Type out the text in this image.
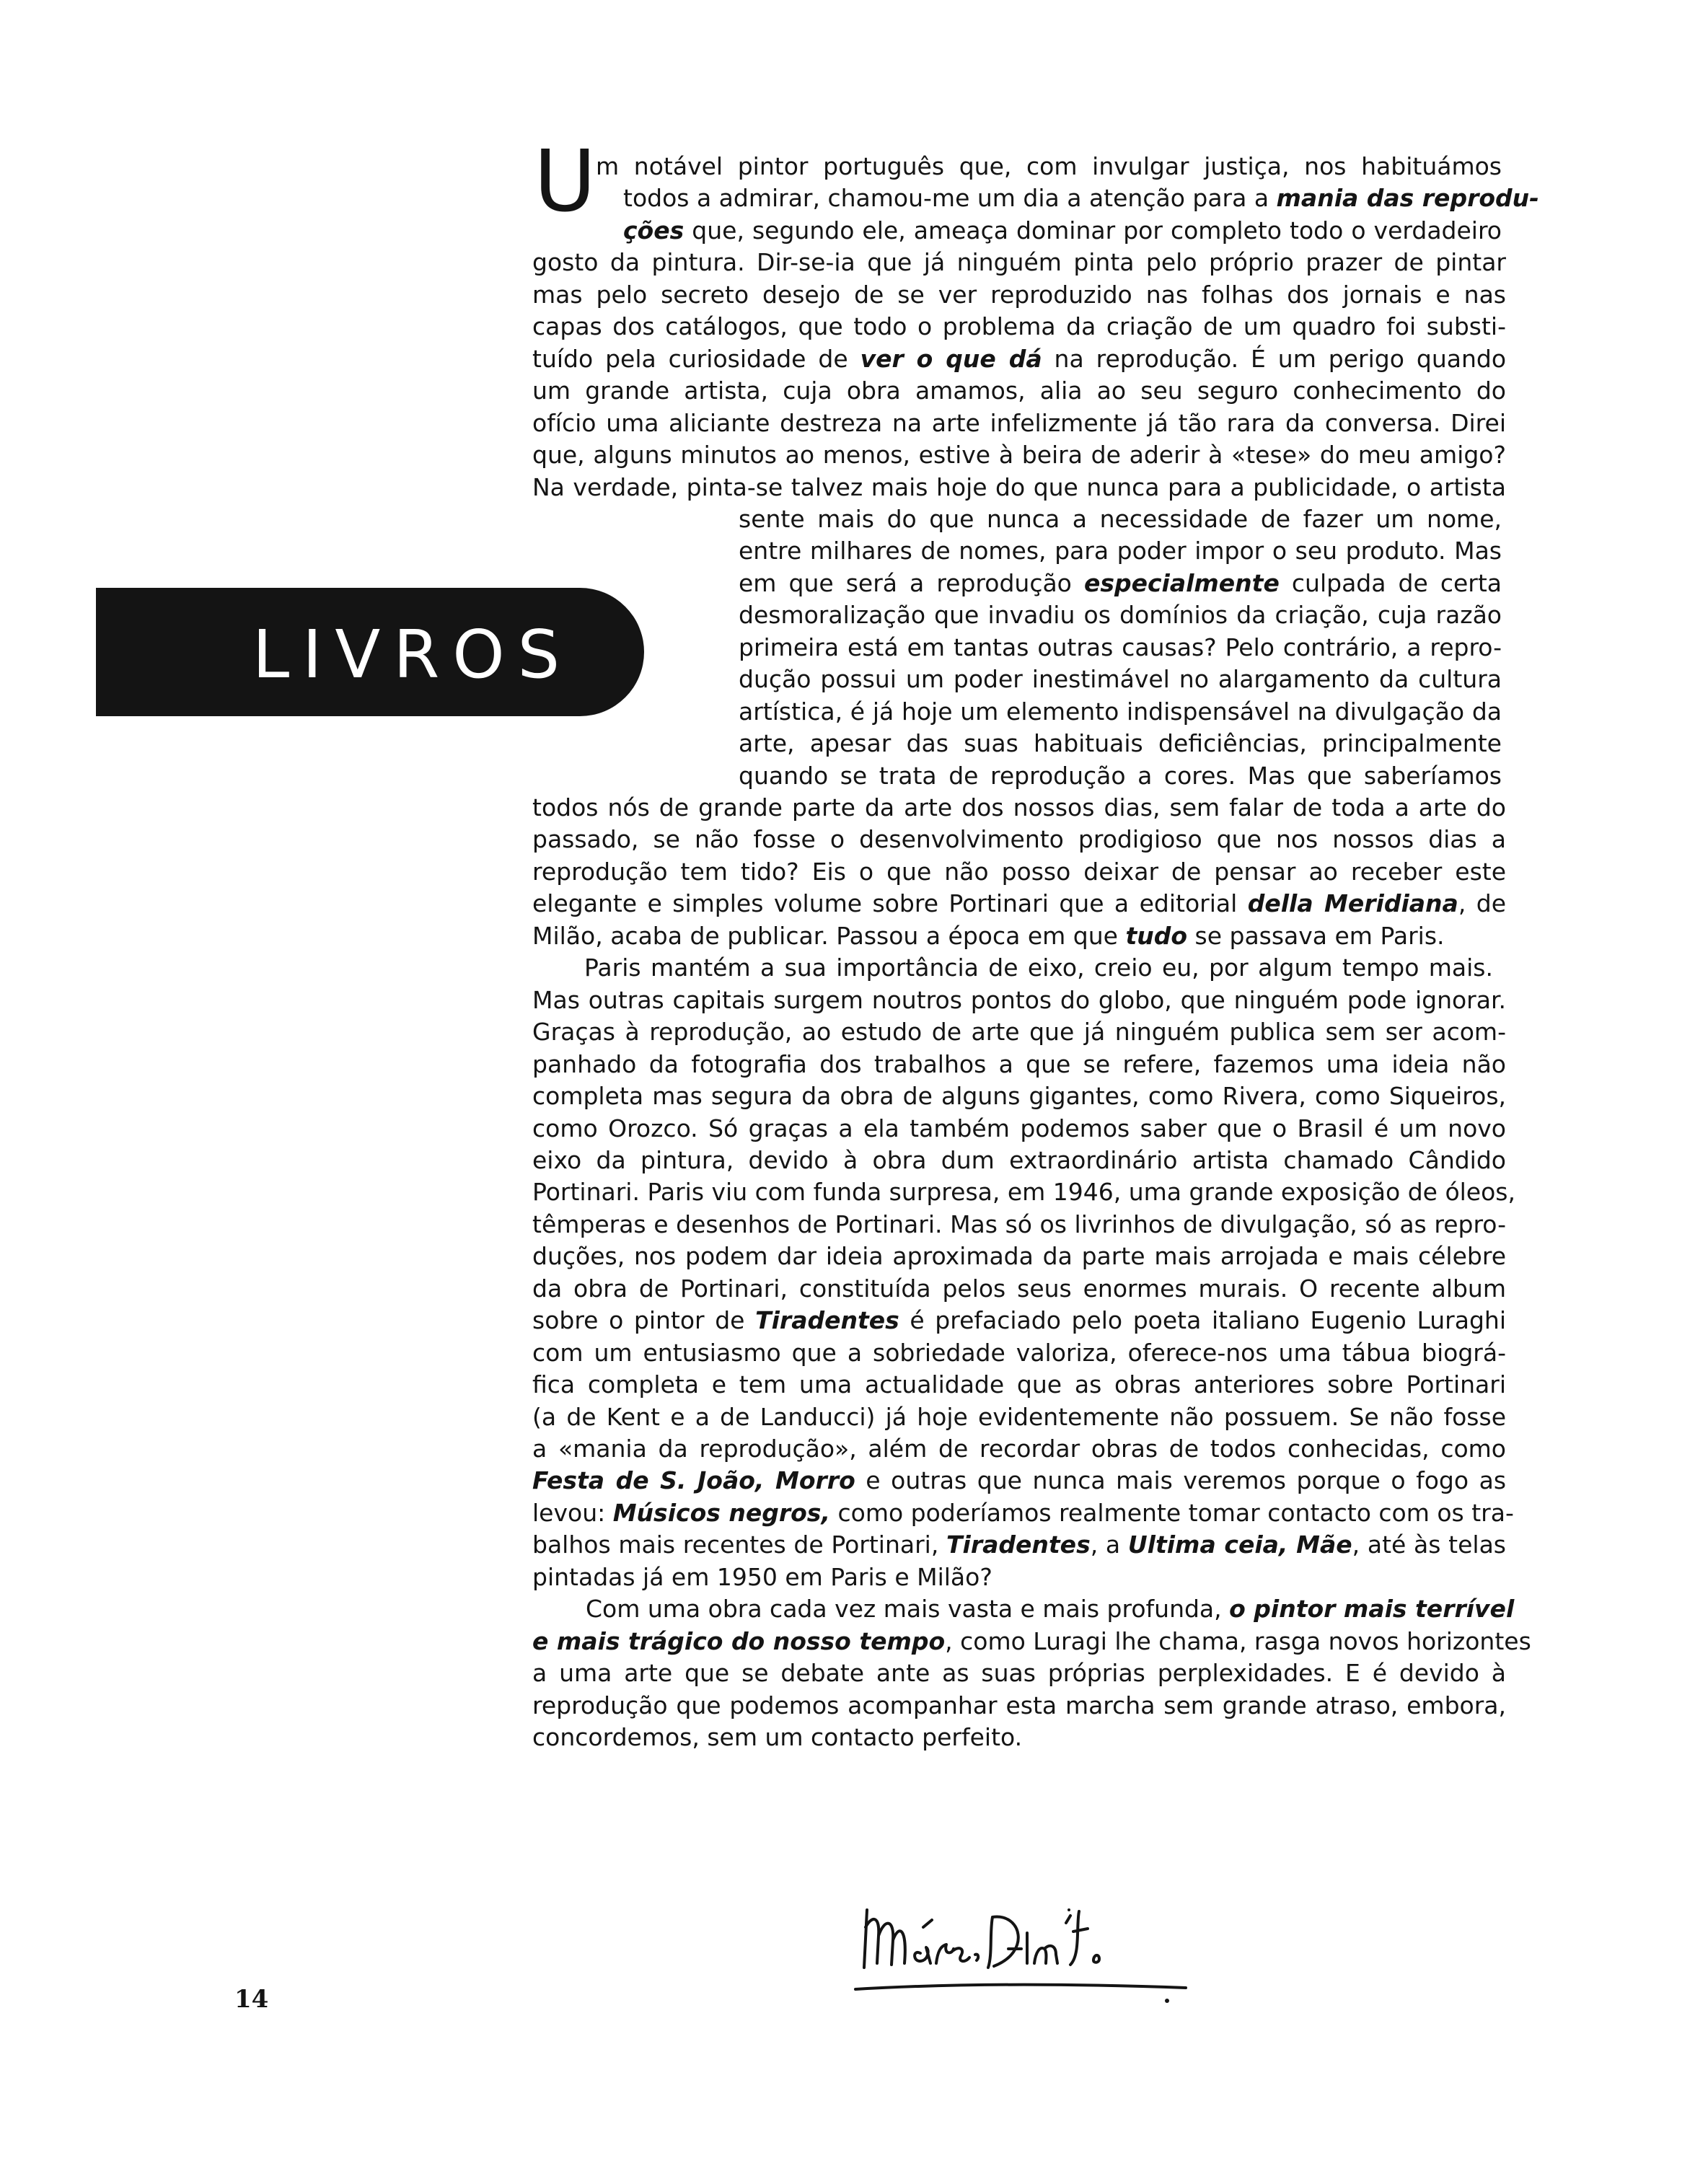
LIVROS
U m notável pintor português que, com invulgar justiça, nos habituámos
todos a admirar, chamou-me um dia a atenção para a mania das reprodu-
ções que, segundo ele, ameaça dominar por completo todo o verdadeiro
gosto da pintura. Dir-se-ia que já ninguém pinta pelo próprio prazer de pintar
mas pelo secreto desejo de se ver reproduzido nas folhas dos jornais e nas
capas dos catálogos, que todo o problema da criação de um quadro foi substi-
tuído pela curiosidade de ver o que dá na reprodução. É um perigo quando
um grande artista, cuja obra amamos, alia ao seu seguro conhecimento do
ofício uma aliciante destreza na arte infelizmente já tão rara da conversa. Direi
que, alguns minutos ao menos, estive à beira de aderir à «tese» do meu amigo?
Na verdade, pinta-se talvez mais hoje do que nunca para a publicidade, o artista
sente mais do que nunca a necessidade de fazer um nome,
entre milhares de nomes, para poder impor o seu produto. Mas
em que será a reprodução especialmente culpada de certa
desmoralização que invadiu os domínios da criação, cuja razão
primeira está em tantas outras causas? Pelo contrário, a repro-
dução possui um poder inestimável no alargamento da cultura
artística, é já hoje um elemento indispensável na divulgação da
arte, apesar das suas habituais deficiências, principalmente
quando se trata de reprodução a cores. Mas que saberíamos
todos nós de grande parte da arte dos nossos dias, sem falar de toda a arte do
passado, se não fosse o desenvolvimento prodigioso que nos nossos dias a
reprodução tem tido? Eis o que não posso deixar de pensar ao receber este
elegante e simples volume sobre Portinari que a editorial della Meridiana, de
Milão, acaba de publicar. Passou a época em que tudo se passava em Paris.
Paris mantém a sua importância de eixo, creio eu, por algum tempo mais.
Mas outras capitais surgem noutros pontos do globo, que ninguém pode ignorar.
Graças à reprodução, ao estudo de arte que já ninguém publica sem ser acom-
panhado da fotografia dos trabalhos a que se refere, fazemos uma ideia não
completa mas segura da obra de alguns gigantes, como Rivera, como Siqueiros,
como Orozco. Só graças a ela também podemos saber que o Brasil é um novo
eixo da pintura, devido à obra dum extraordinário artista chamado Cândido
Portinari. Paris viu com funda surpresa, em 1946, uma grande exposição de óleos,
têmperas e desenhos de Portinari. Mas só os livrinhos de divulgação, só as repro-
duções, nos podem dar ideia aproximada da parte mais arrojada e mais célebre
da obra de Portinari, constituída pelos seus enormes murais. O recente album
sobre o pintor de Tiradentes é prefaciado pelo poeta italiano Eugenio Luraghi
com um entusiasmo que a sobriedade valoriza, oferece-nos uma tábua biográ-
fica completa e tem uma actualidade que as obras anteriores sobre Portinari
(a de Kent e a de Landucci) já hoje evidentemente não possuem. Se não fosse
a «mania da reprodução», além de recordar obras de todos conhecidas, como
Festa de S. João, Morro e outras que nunca mais veremos porque o fogo as
levou: Músicos negros, como poderíamos realmente tomar contacto com os tra-
balhos mais recentes de Portinari, Tiradentes, a Ultima ceia, Mãe, até às telas
pintadas já em 1950 em Paris e Milão?
Com uma obra cada vez mais vasta e mais profunda, o pintor mais terrível
e mais trágico do nosso tempo, como Luragi lhe chama, rasga novos horizontes
a uma arte que se debate ante as suas próprias perplexidades. E é devido à
reprodução que podemos acompanhar esta marcha sem grande atraso, embora,
concordemos, sem um contacto perfeito.
14
